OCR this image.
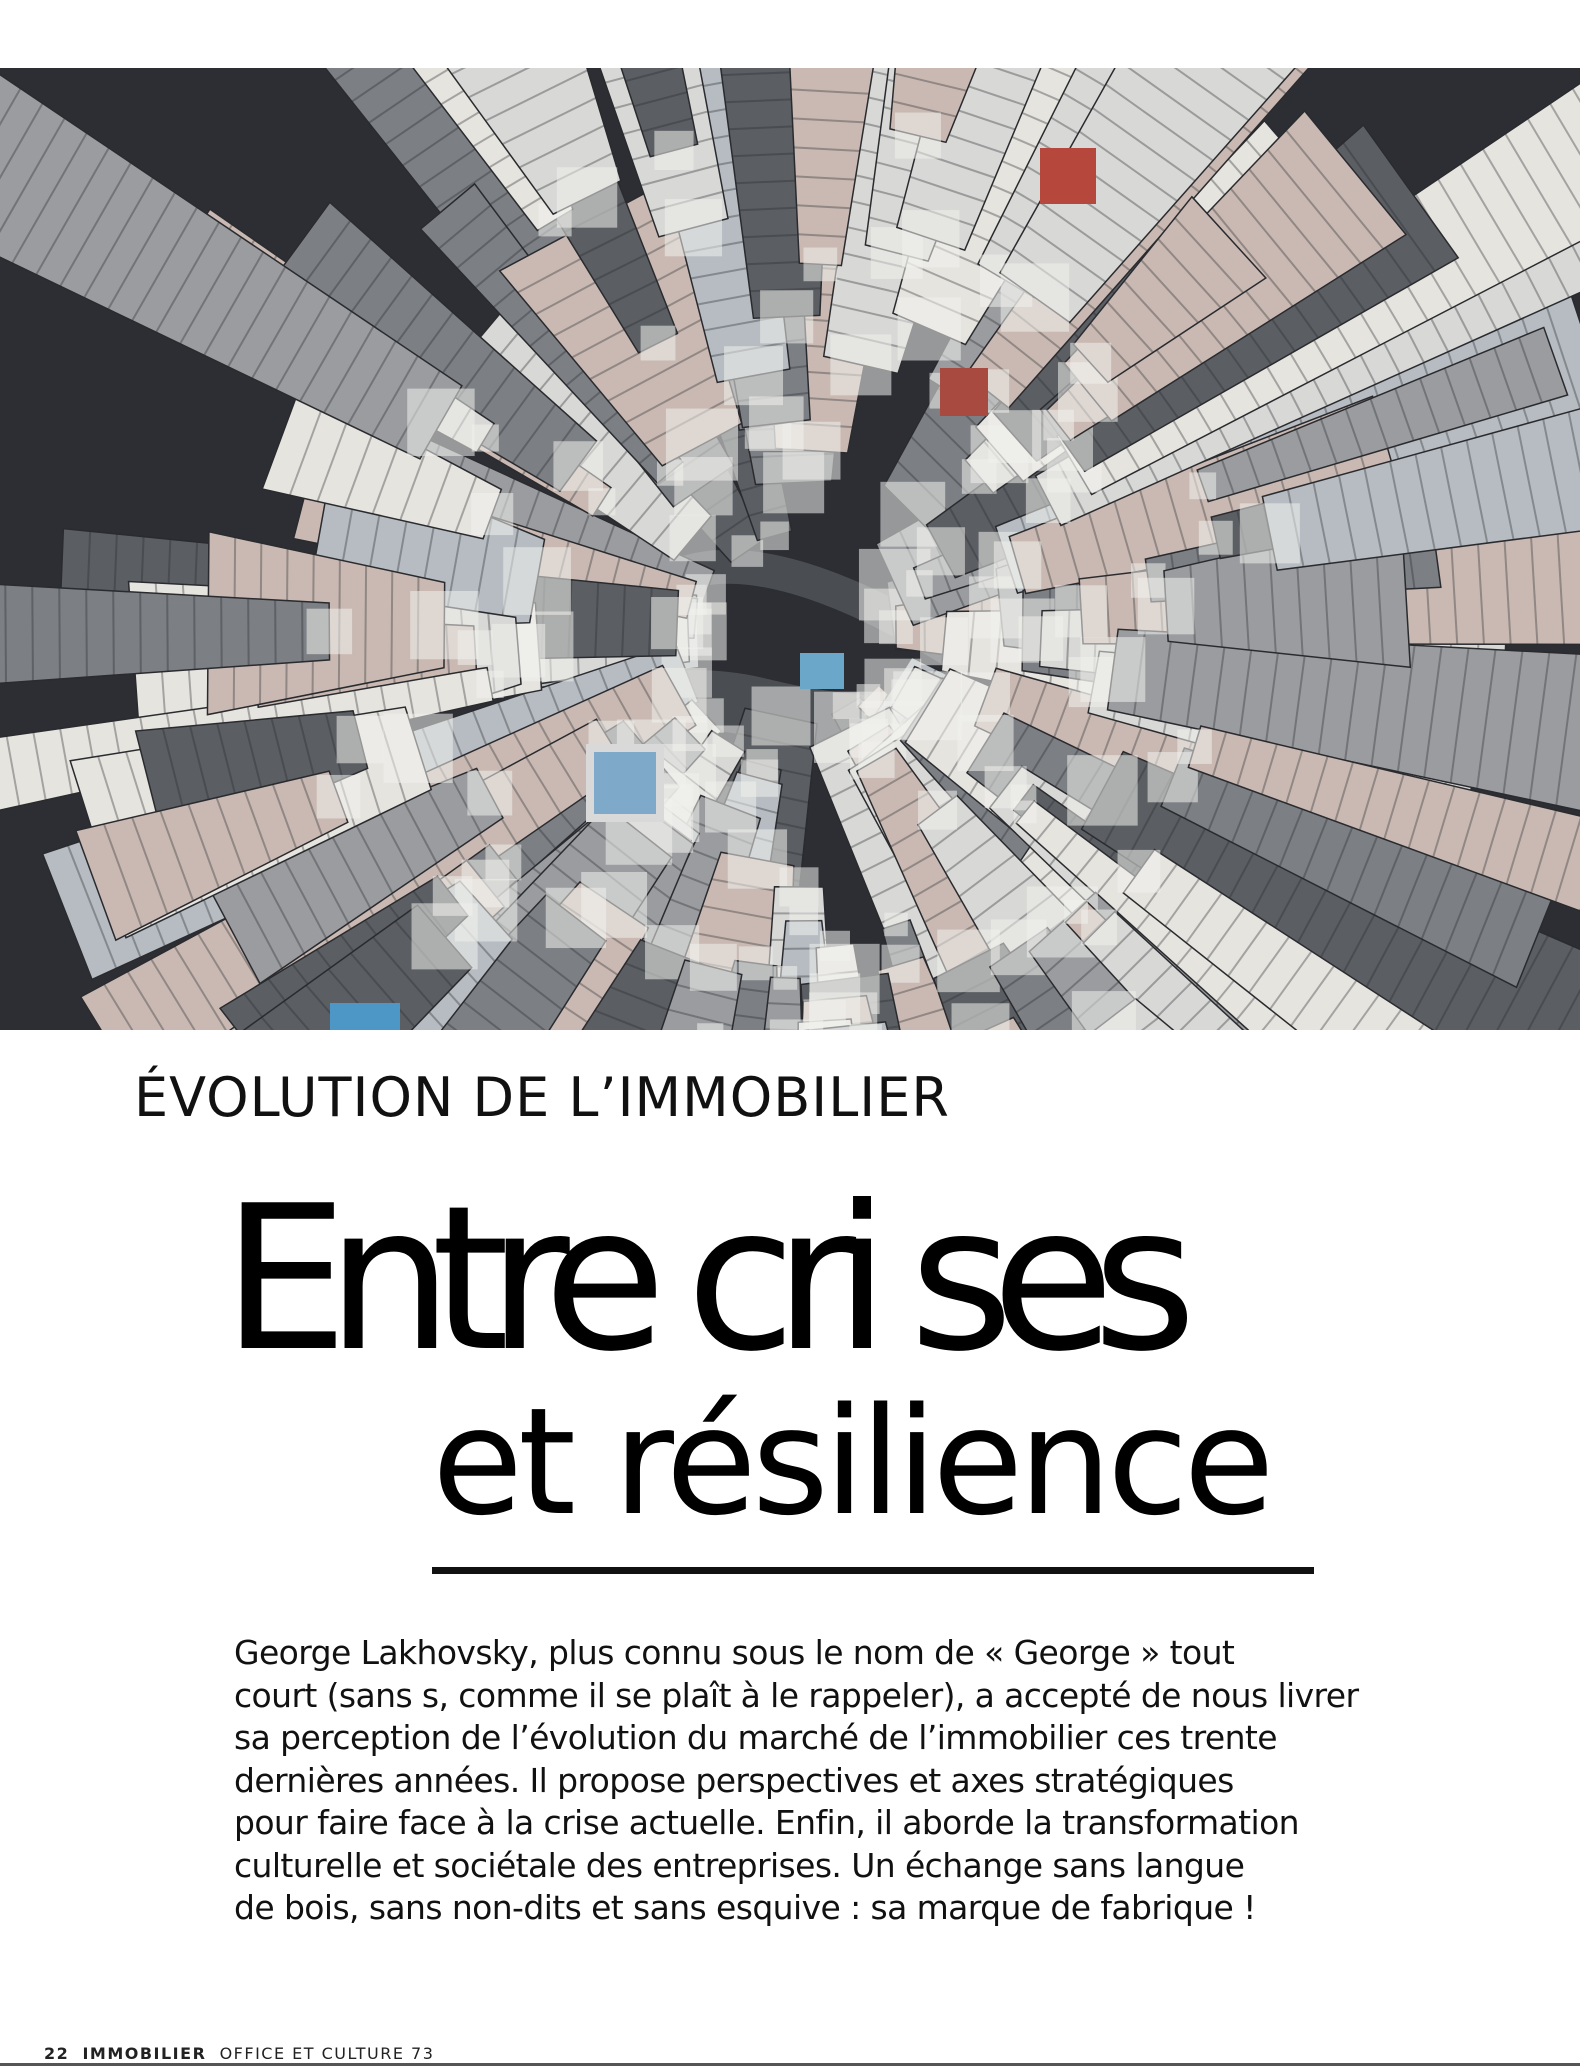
ÉVOLUTION DE L’IMMOBILIER
Entre cri ses
et résilience

George Lakhovsky, plus connu sous le nom de « George » tout
court (sans s, comme il se plaît à le rappeler), a accepté de nous livrer
sa perception de l’évolution du marché de l’immobilier ces trente
dernières années. Il propose perspectives et axes stratégiques
pour faire face à la crise actuelle. Enfin, il aborde la transformation
culturelle et sociétale des entreprises. Un échange sans langue
de bois, sans non-dits et sans esquive : sa marque de fabrique !

22 IMMOBILIER OFFICE ET CULTURE 73
